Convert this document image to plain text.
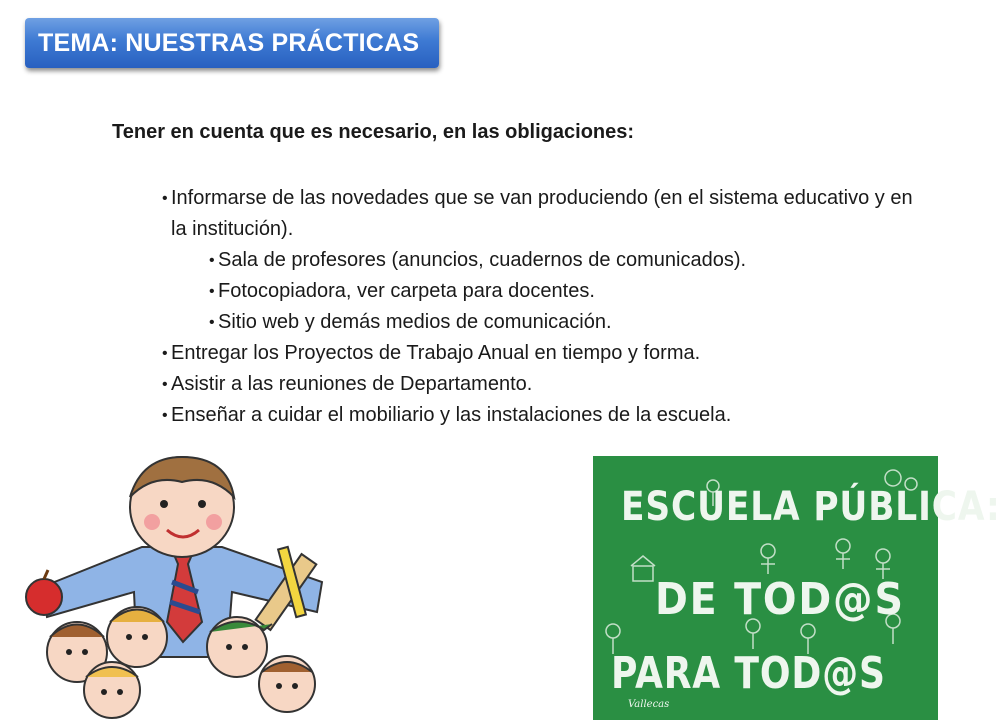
TEMA: NUESTRAS PRÁCTICAS
Tener en cuenta que es necesario, en las obligaciones:
• Informarse de las novedades que se van produciendo (en el sistema educativo y en la institución).
• Sala de profesores (anuncios, cuadernos de comunicados).
• Fotocopiadora, ver carpeta para docentes.
• Sitio web y demás medios de comunicación.
• Entregar los Proyectos de Trabajo Anual en tiempo y forma.
• Asistir a las reuniones de Departamento.
• Enseñar a cuidar el mobiliario y las instalaciones de la escuela.
ESCUELA PÚBLICA:
DE TOD@S
PARA TOD@S
Vallecas
